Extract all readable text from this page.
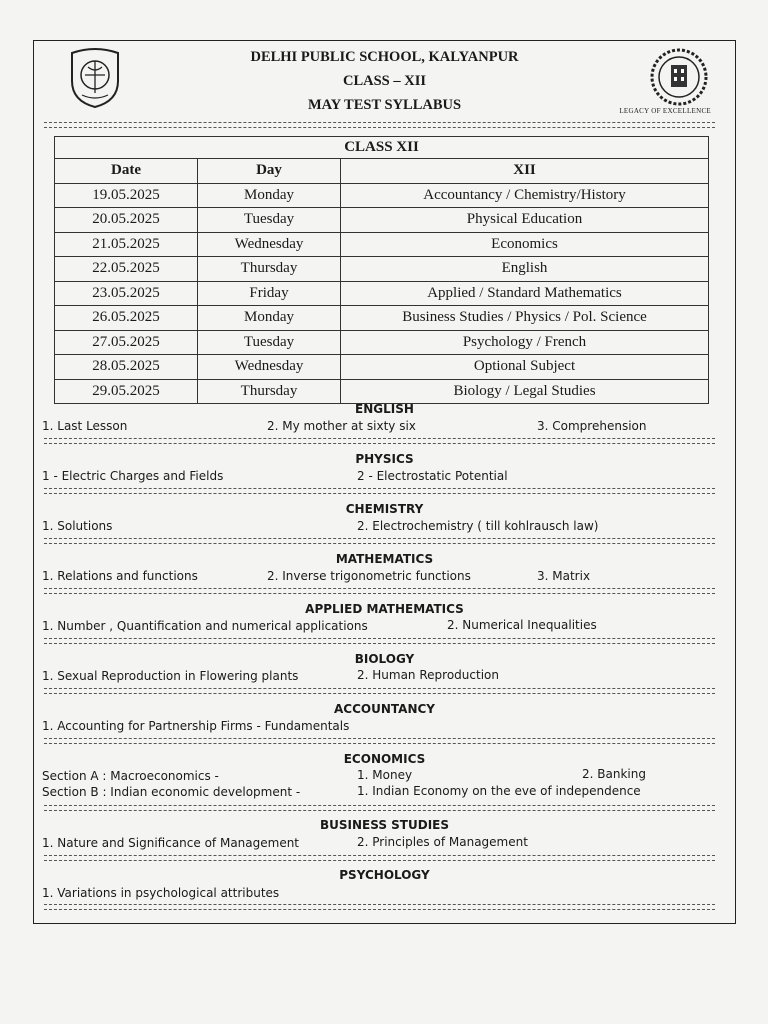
LEGACY OF EXCELLENCE
DELHI PUBLIC SCHOOL, KALYANPUR
CLASS – XII
MAY TEST SYLLABUS
CLASS XII		
Date	Day	XII
19.05.2025	Monday	Accountancy / Chemistry/History
20.05.2025	Tuesday	Physical Education
21.05.2025	Wednesday	Economics
22.05.2025	Thursday	English
23.05.2025	Friday	Applied / Standard Mathematics
26.05.2025	Monday	Business Studies / Physics / Pol. Science
27.05.2025	Tuesday	Psychology / French
28.05.2025	Wednesday	Optional Subject
29.05.2025	Thursday	Biology / Legal Studies
ENGLISH
1. Last Lesson	2. My mother at sixty six	3. Comprehension
PHYSICS
1 - Electric Charges and Fields	2 - Electrostatic Potential
CHEMISTRY
1. Solutions	2. Electrochemistry ( till kohlrausch law)
MATHEMATICS
1. Relations and functions	2. Inverse trigonometric functions	3. Matrix
APPLIED MATHEMATICS
1. Number , Quantification and numerical applications	2. Numerical Inequalities
BIOLOGY
1. Sexual Reproduction in Flowering plants	2. Human Reproduction
ACCOUNTANCY
1. Accounting for Partnership Firms - Fundamentals
ECONOMICS
Section A : Macroeconomics -	1. Money	2. Banking
Section B : Indian economic development -	1. Indian Economy on the eve of independence
BUSINESS STUDIES
1. Nature and Significance of Management	2. Principles of Management
PSYCHOLOGY
1. Variations in psychological attributes
